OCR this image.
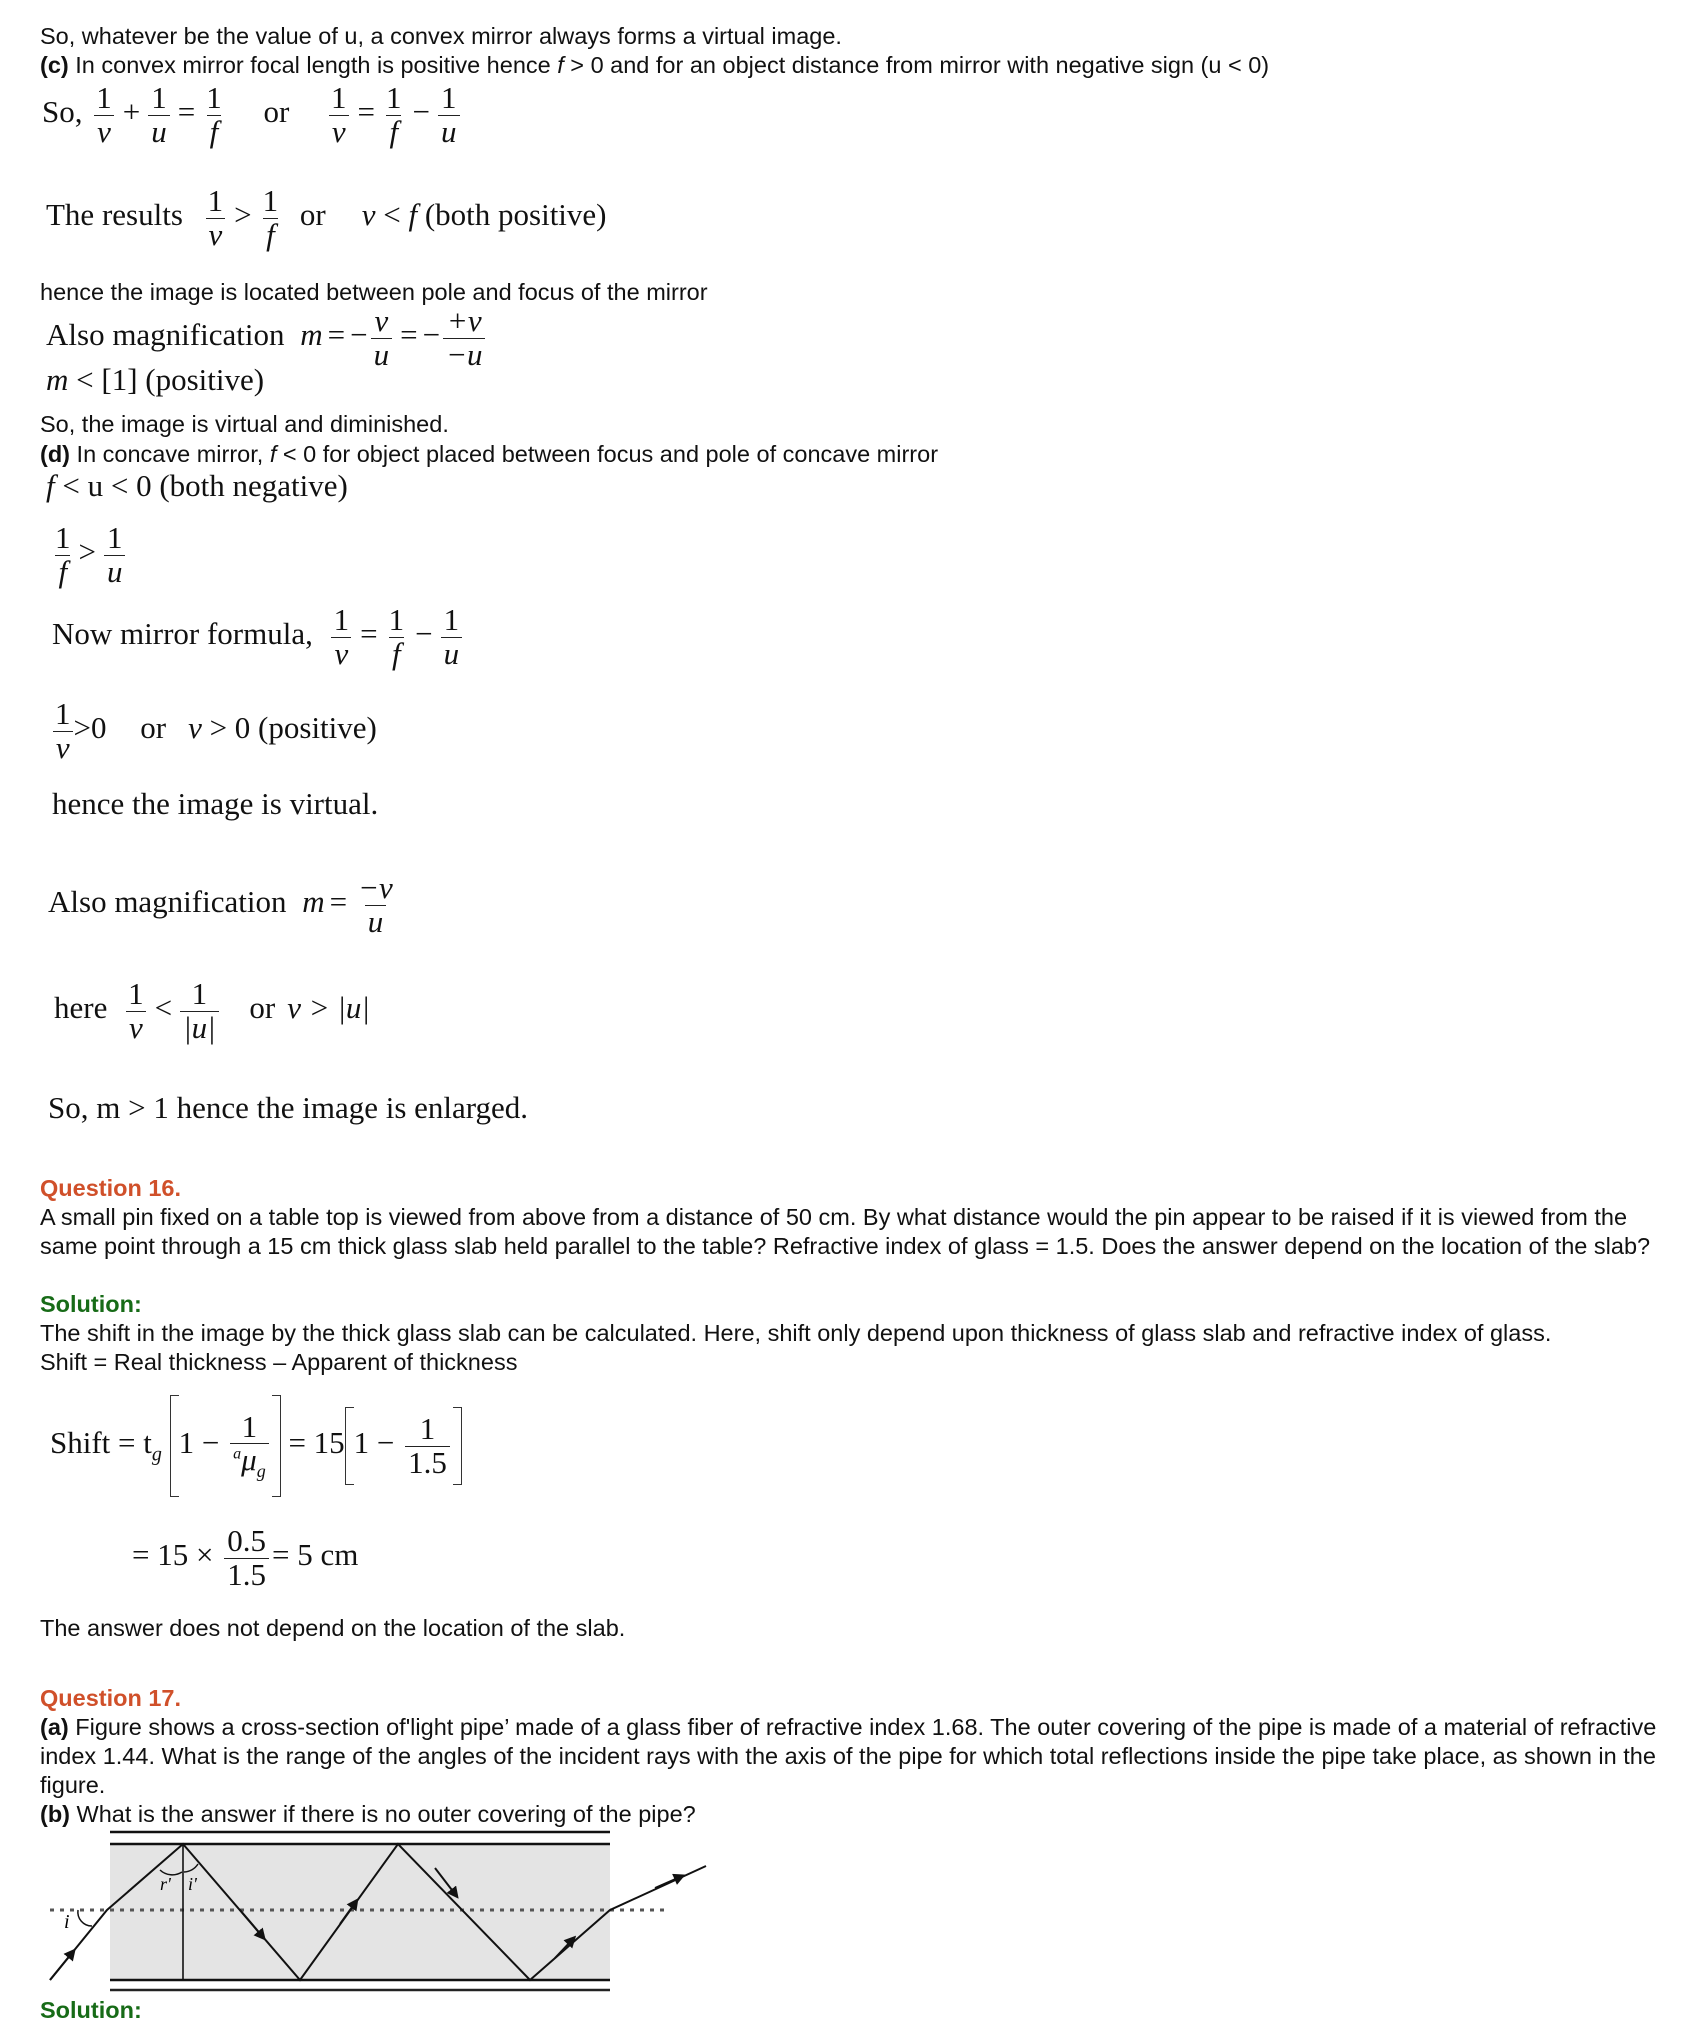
So, whatever be the value of u, a convex mirror always forms a virtual image.
(c) In convex mirror focal length is positive hence f > 0 and for an object distance from mirror with negative sign (u < 0)
So, $\frac{1}{v} + \frac{1}{u} = \frac{1}{f}$ or $\frac{1}{v} = \frac{1}{f} - \frac{1}{u}$
The results $\frac{1}{v} > \frac{1}{f}$ or v < f (both positive)
hence the image is located between pole and focus of the mirror
Also magnification m = − $\frac{v}{u}$ = − $\frac{+v}{-u}$
m < [1] (positive)
So, the image is virtual and diminished.
(d) In concave mirror, f < 0 for object placed between focus and pole of concave mirror
f < u < 0 (both negative)
$\frac{1}{f} > \frac{1}{u}$
Now mirror formula, $\frac{1}{v} = \frac{1}{f} - \frac{1}{u}$
$\frac{1}{v} >0$ or v > 0 (positive)
hence the image is virtual.
Also magnification $m = \frac{-v}{u}$
here $\frac{1}{v} < \frac{1}{|u|}$ or v > |u|
So, m > 1 hence the image is enlarged.
Question 16.
A small pin fixed on a table top is viewed from above from a distance of 50 cm. By what distance would the pin appear to be raised if it is viewed from the same point through a 15 cm thick glass slab held parallel to the table? Refractive index of glass = 1.5. Does the answer depend on the location of the slab?
Solution:
The shift in the image by the thick glass slab can be calculated. Here, shift only depend upon thickness of glass slab and refractive index of glass.
Shift = Real thickness – Apparent of thickness
Shift = $t_g$ $1 - \frac{1}{^a\mu_g} = 15$ $1 - \frac{1}{1.5}$
= $15 \times \frac{0.5}{1.5} = 5$ cm
The answer does not depend on the location of the slab.
Question 17.
(a) Figure shows a cross-section of'light pipe’ made of a glass fiber of refractive index 1.68. The outer covering of the pipe is made of a material of refractive index 1.44. What is the range of the angles of the incident rays with the axis of the pipe for which total reflections inside the pipe take place, as shown in the figure.
(b) What is the answer if there is no outer covering of the pipe?
i
r' i'
Solution:
